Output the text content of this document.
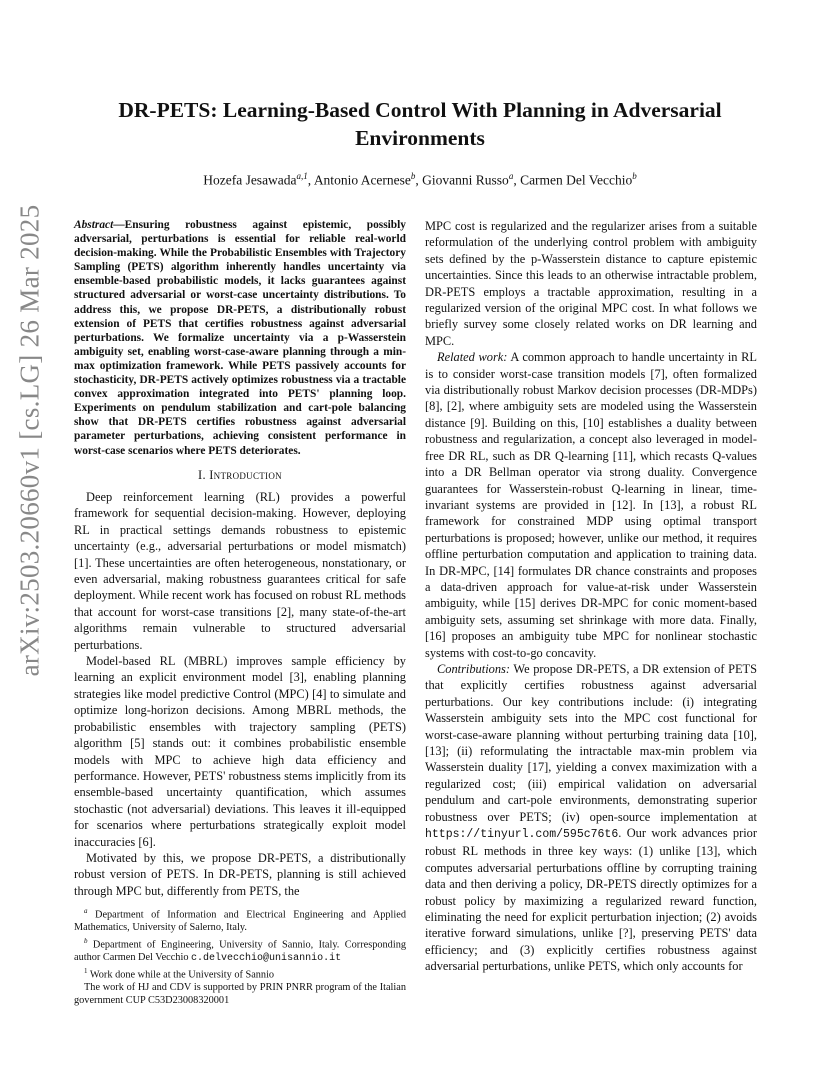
arXiv:2503.20660v1 [cs.LG] 26 Mar 2025
DR-PETS: Learning-Based Control With Planning in Adversarial Environments
Hozefa Jesawada$^{a,1}$, Antonio Acernese$^b$, Giovanni Russo$^a$, Carmen Del Vecchio$^b$
Abstract—Ensuring robustness against epistemic, possibly adversarial, perturbations is essential for reliable real-world decision-making. While the Probabilistic Ensembles with Trajectory Sampling (PETS) algorithm inherently handles uncertainty via ensemble-based probabilistic models, it lacks guarantees against structured adversarial or worst-case uncertainty distributions. To address this, we propose DR-PETS, a distributionally robust extension of PETS that certifies robustness against adversarial perturbations. We formalize uncertainty via a p-Wasserstein ambiguity set, enabling worst-case-aware planning through a min-max optimization framework. While PETS passively accounts for stochasticity, DR-PETS actively optimizes robustness via a tractable convex approximation integrated into PETS' planning loop. Experiments on pendulum stabilization and cart-pole balancing show that DR-PETS certifies robustness against adversarial parameter perturbations, achieving consistent performance in worst-case scenarios where PETS deteriorates.
I. Introduction

Deep reinforcement learning (RL) provides a powerful framework for sequential decision-making. However, deploying RL in practical settings demands robustness to epistemic uncertainty (e.g., adversarial perturbations or model mismatch) [1]. These uncertainties are often heterogeneous, nonstationary, or even adversarial, making robustness guarantees critical for safe deployment. While recent work has focused on robust RL methods that account for worst-case transitions [2], many state-of-the-art algorithms remain vulnerable to structured adversarial perturbations.

Model-based RL (MBRL) improves sample efficiency by learning an explicit environment model [3], enabling planning strategies like model predictive Control (MPC) [4] to simulate and optimize long-horizon decisions. Among MBRL methods, the probabilistic ensembles with trajectory sampling (PETS) algorithm [5] stands out: it combines probabilistic ensemble models with MPC to achieve high data efficiency and performance. However, PETS' robustness stems implicitly from its ensemble-based uncertainty quantification, which assumes stochastic (not adversarial) deviations. This leaves it ill-equipped for scenarios where perturbations strategically exploit model inaccuracies [6].

Motivated by this, we propose DR-PETS, a distributionally robust version of PETS. In DR-PETS, planning is still achieved through MPC but, differently from PETS, the

MPC cost is regularized and the regularizer arises from a suitable reformulation of the underlying control problem with ambiguity sets defined by the p-Wasserstein distance to capture epistemic uncertainties. Since this leads to an otherwise intractable problem, DR-PETS employs a tractable approximation, resulting in a regularized version of the original MPC cost. In what follows we briefly survey some closely related works on DR learning and MPC.

Related work: A common approach to handle uncertainty in RL is to consider worst-case transition models [7], often formalized via distributionally robust Markov decision processes (DR-MDPs) [8], [2], where ambiguity sets are modeled using the Wasserstein distance [9]. Building on this, [10] establishes a duality between robustness and regularization, a concept also leveraged in model-free DR RL, such as DR Q-learning [11], which recasts Q-values into a DR Bellman operator via strong duality. Convergence guarantees for Wasserstein-robust Q-learning in linear, time-invariant systems are provided in [12]. In [13], a robust RL framework for constrained MDP using optimal transport perturbations is proposed; however, unlike our method, it requires offline perturbation computation and application to training data. In DR-MPC, [14] formulates DR chance constraints and proposes a data-driven approach for value-at-risk under Wasserstein ambiguity, while [15] derives DR-MPC for conic moment-based ambiguity sets, assuming set shrinkage with more data. Finally, [16] proposes an ambiguity tube MPC for nonlinear stochastic systems with cost-to-go concavity.

Contributions: We propose DR-PETS, a DR extension of PETS that explicitly certifies robustness against adversarial perturbations. Our key contributions include: (i) integrating Wasserstein ambiguity sets into the MPC cost functional for worst-case-aware planning without perturbing training data [10], [13]; (ii) reformulating the intractable max-min problem via Wasserstein duality [17], yielding a convex maximization with a regularized cost; (iii) empirical validation on adversarial pendulum and cart-pole environments, demonstrating superior robustness over PETS; (iv) open-source implementation at https://tinyurl.com/595c76t6. Our work advances prior robust RL methods in three key ways: (1) unlike [13], which computes adversarial perturbations offline by corrupting training data and then deriving a policy, DR-PETS directly optimizes for a robust policy by maximizing a regularized reward function, eliminating the need for explicit perturbation injection; (2) avoids iterative forward simulations, unlike [?], preserving PETS' data efficiency; and (3) explicitly certifies robustness against adversarial perturbations, unlike PETS, which only accounts for

$^a$ Department of Information and Electrical Engineering and Applied Mathematics, University of Salerno, Italy.
$^b$ Department of Engineering, University of Sannio, Italy. Corresponding author Carmen Del Vecchio c.delvecchio@unisannio.it
$^1$ Work done while at the University of Sannio
The work of HJ and CDV is supported by PRIN PNRR program of the Italian government CUP C53D23008320001
